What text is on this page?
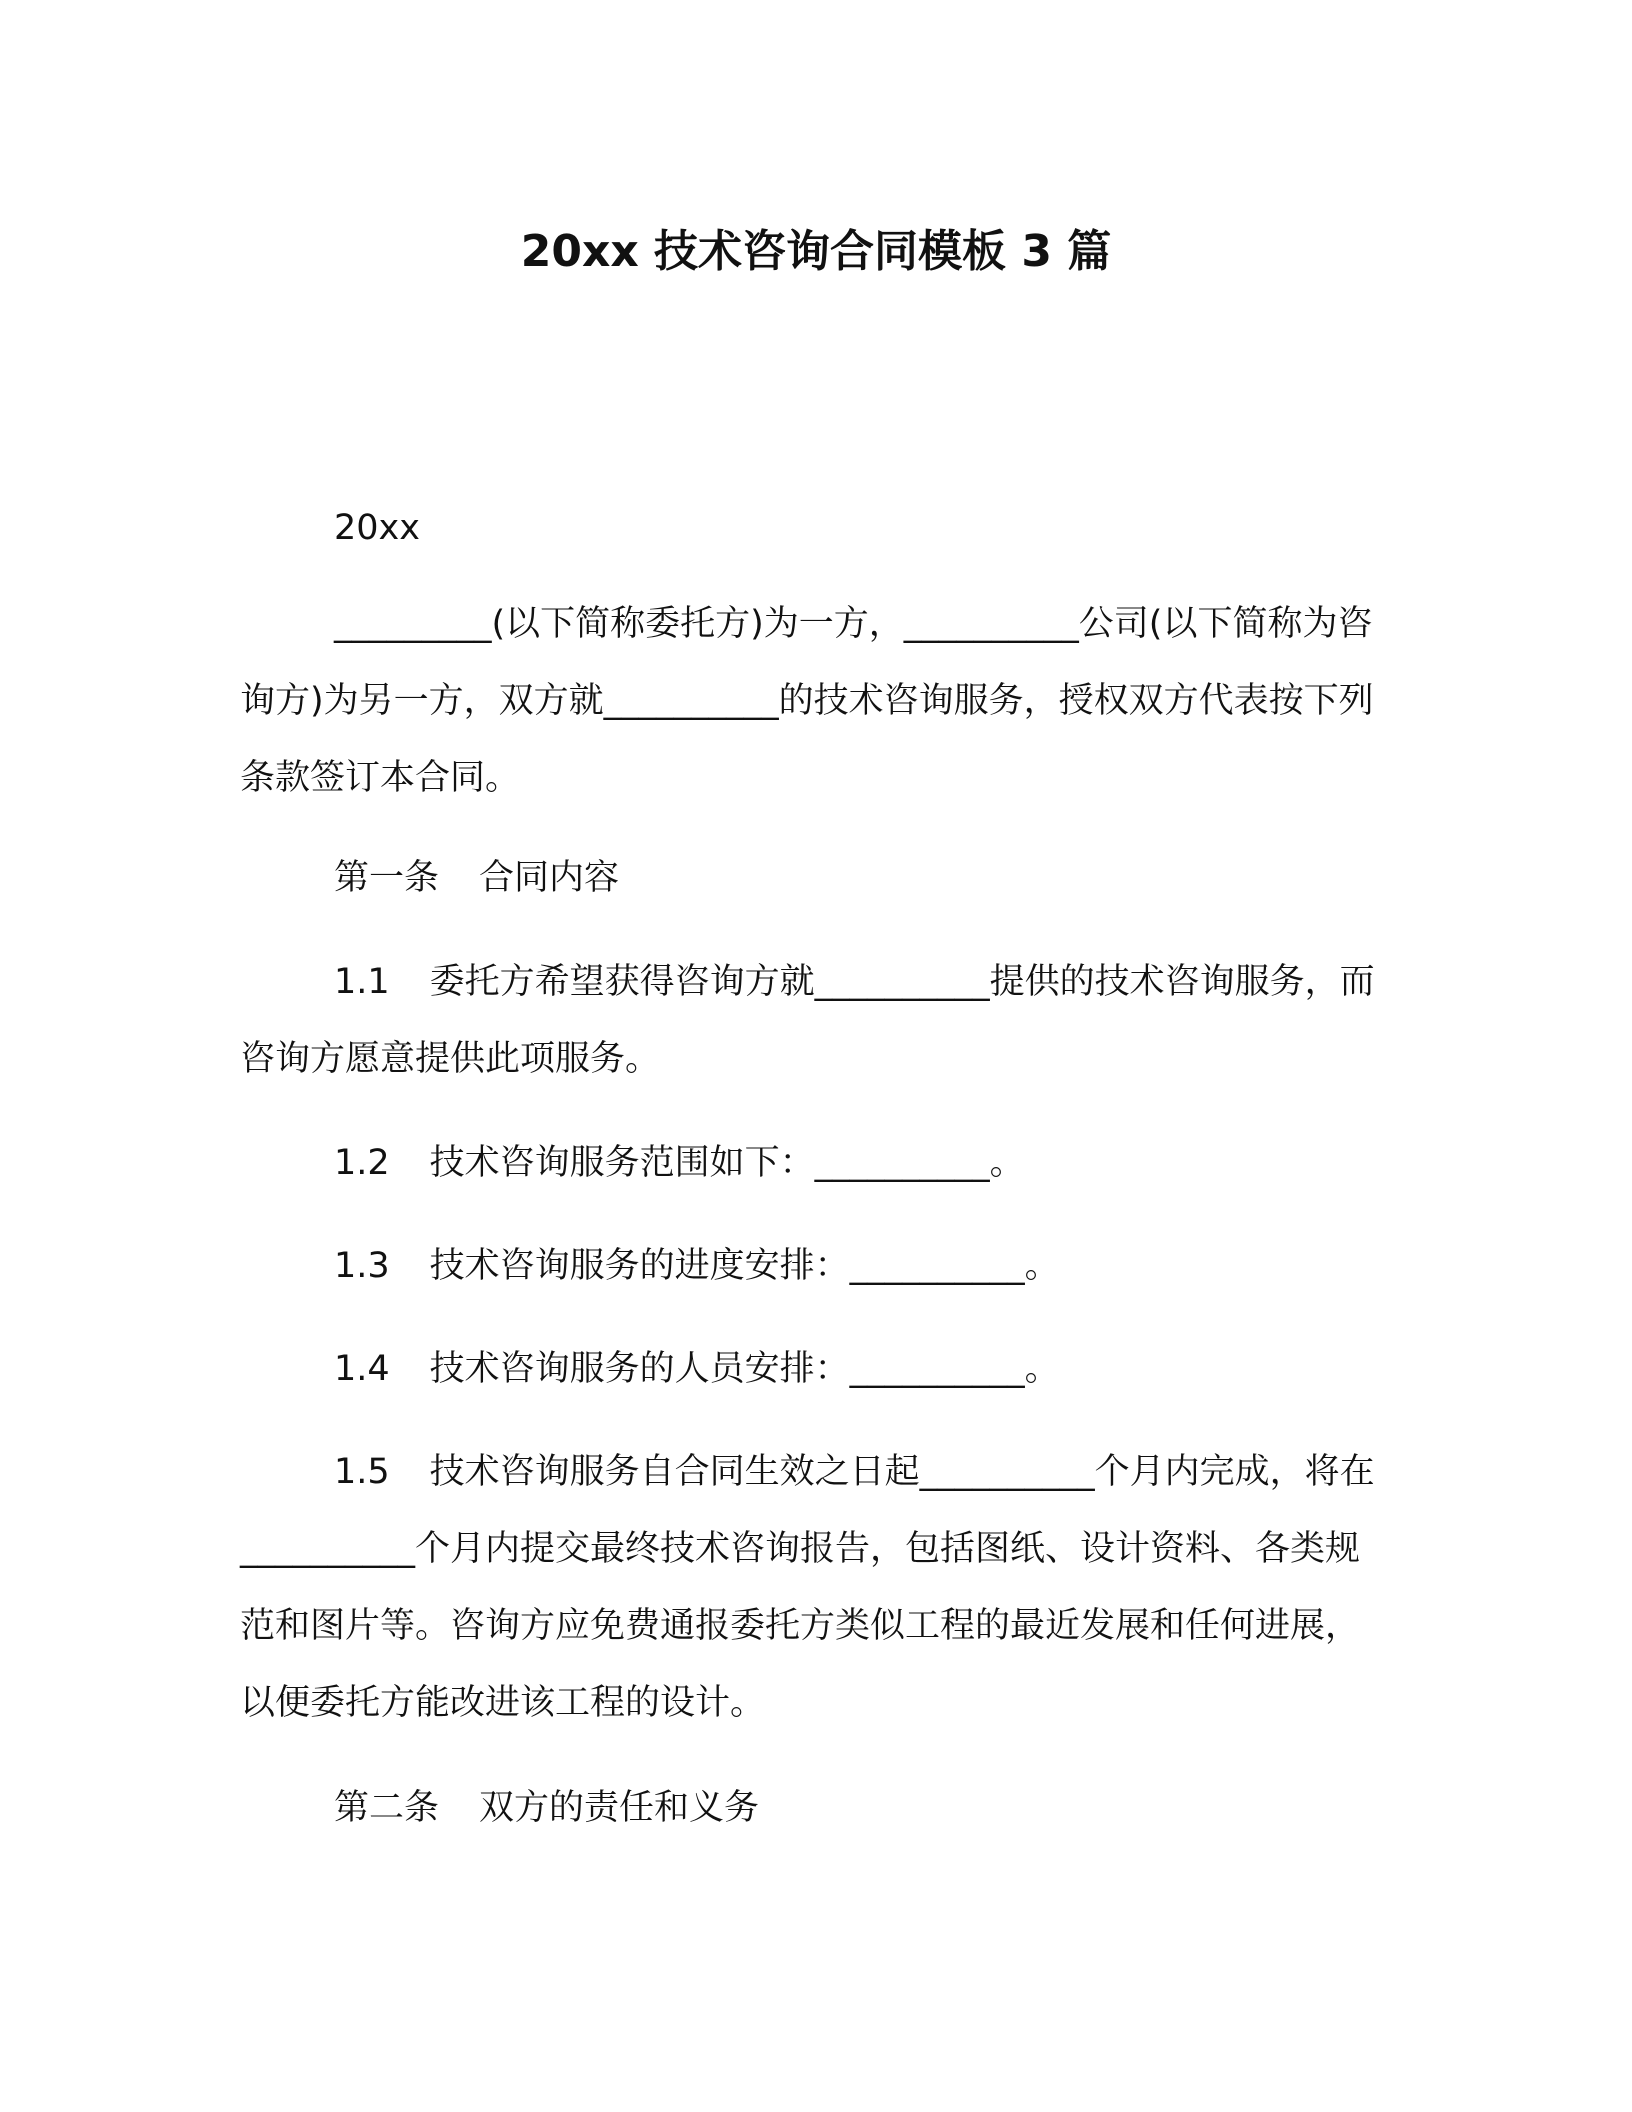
20xx 技术咨询合同模板 3 篇

20xx

_________(以下简称委托方)为一方，__________公司(以下简称为咨询方)为另一方，双方就__________的技术咨询服务，授权双方代表按下列条款签订本合同。

第一条 合同内容

1.1 委托方希望获得咨询方就__________提供的技术咨询服务，而咨询方愿意提供此项服务。

1.2 技术咨询服务范围如下：__________。

1.3 技术咨询服务的进度安排：__________。

1.4 技术咨询服务的人员安排：__________。

1.5 技术咨询服务自合同生效之日起__________个月内完成，将在__________个月内提交最终技术咨询报告，包括图纸、设计资料、各类规范和图片等。咨询方应免费通报委托方类似工程的最近发展和任何进展，以便委托方能改进该工程的设计。

第二条 双方的责任和义务
